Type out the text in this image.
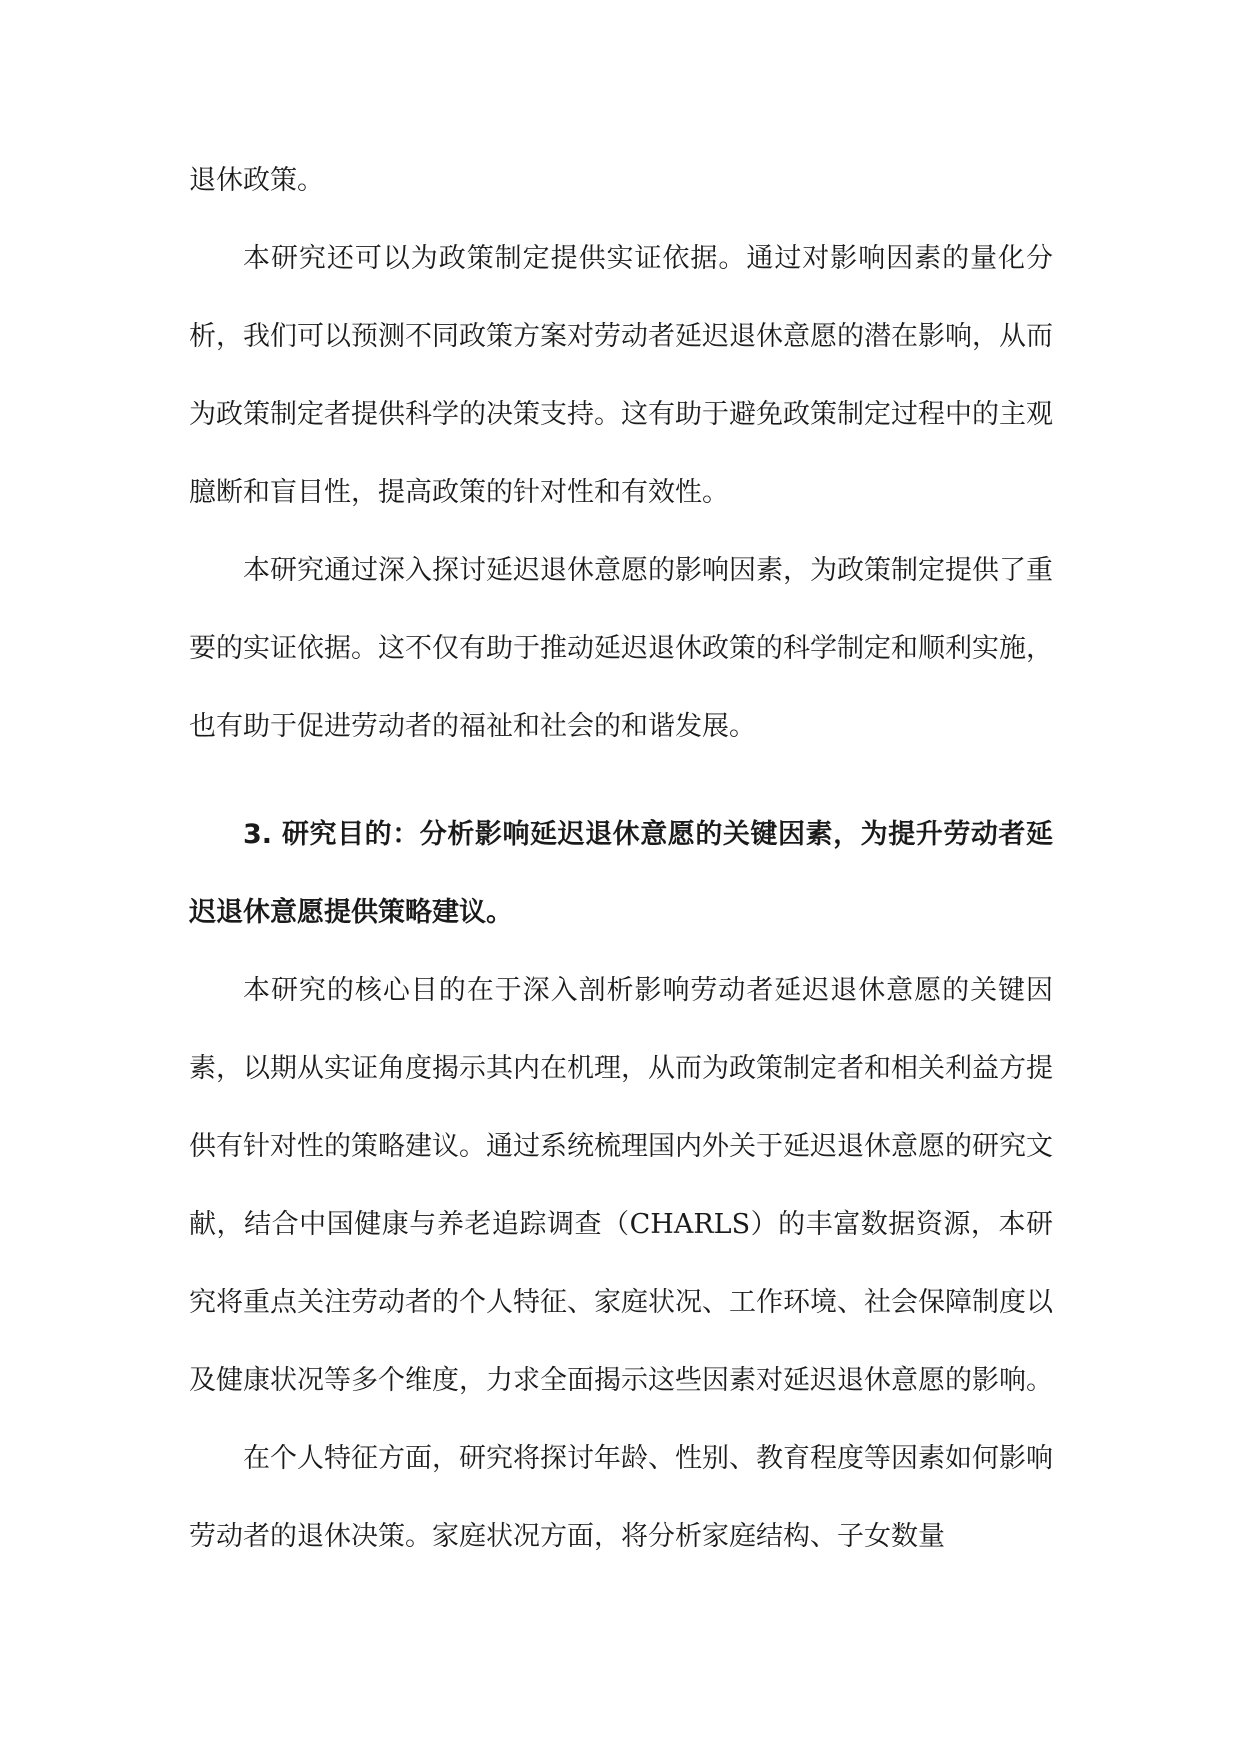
退休政策。

本研究还可以为政策制定提供实证依据。通过对影响因素的量化分析，我们可以预测不同政策方案对劳动者延迟退休意愿的潜在影响，从而为政策制定者提供科学的决策支持。这有助于避免政策制定过程中的主观臆断和盲目性，提高政策的针对性和有效性。

本研究通过深入探讨延迟退休意愿的影响因素，为政策制定提供了重要的实证依据。这不仅有助于推动延迟退休政策的科学制定和顺利实施，也有助于促进劳动者的福祉和社会的和谐发展。

3. 研究目的：分析影响延迟退休意愿的关键因素，为提升劳动者延迟退休意愿提供策略建议。

本研究的核心目的在于深入剖析影响劳动者延迟退休意愿的关键因素，以期从实证角度揭示其内在机理，从而为政策制定者和相关利益方提供有针对性的策略建议。通过系统梳理国内外关于延迟退休意愿的研究文献，结合中国健康与养老追踪调查（CHARLS）的丰富数据资源，本研究将重点关注劳动者的个人特征、家庭状况、工作环境、社会保障制度以及健康状况等多个维度，力求全面揭示这些因素对延迟退休意愿的影响。

在个人特征方面，研究将探讨年龄、性别、教育程度等因素如何影响劳动者的退休决策。家庭状况方面，将分析家庭结构、子女数量
